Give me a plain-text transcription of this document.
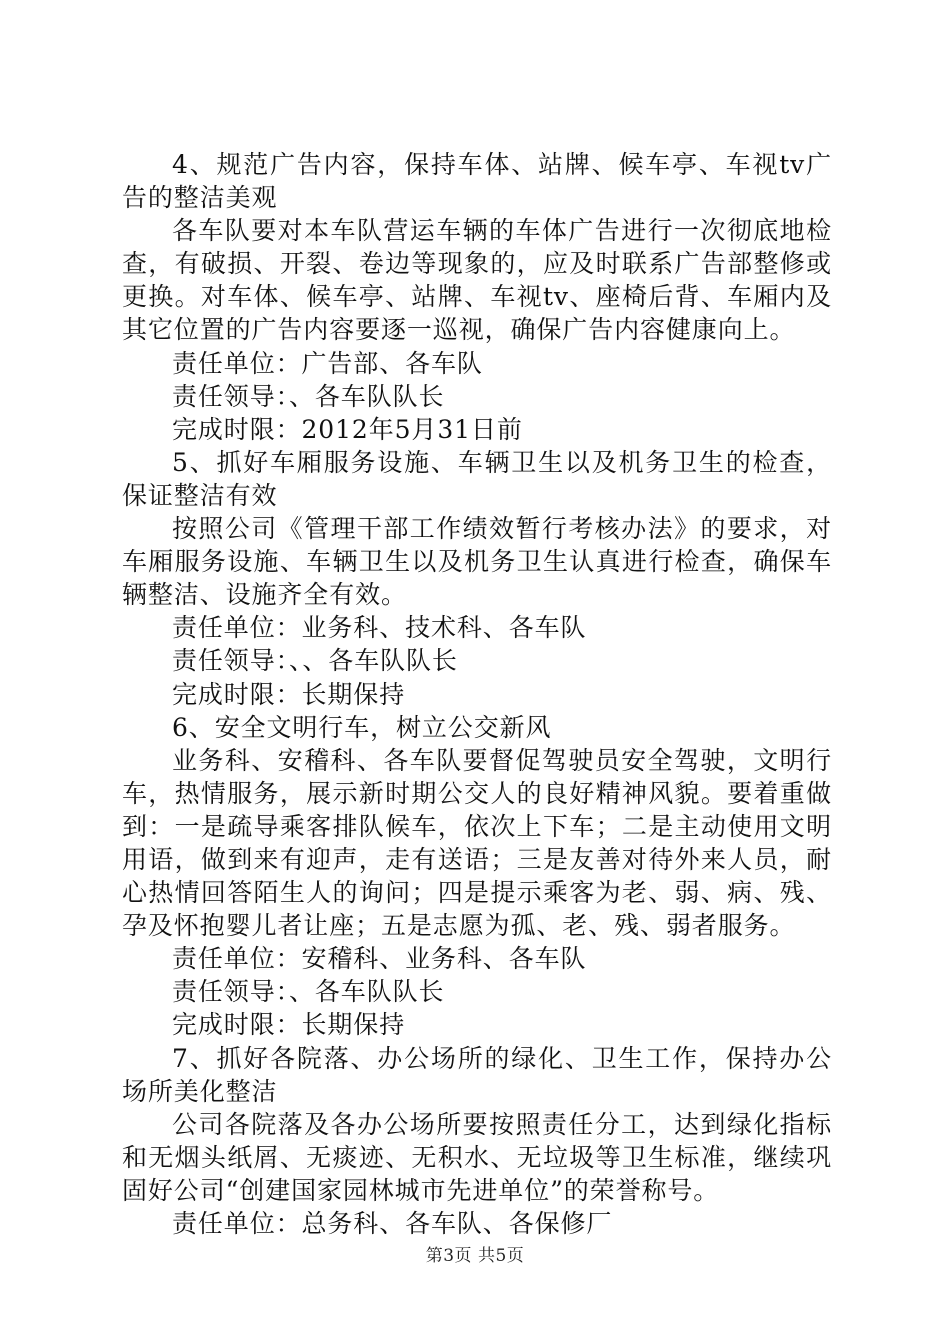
4、规范广告内容，保持车体、站牌、候车亭、车视tv广告的整洁美观

各车队要对本车队营运车辆的车体广告进行一次彻底地检查，有破损、开裂、卷边等现象的，应及时联系广告部整修或更换。对车体、候车亭、站牌、车视tv、座椅后背、车厢内及其它位置的广告内容要逐一巡视，确保广告内容健康向上。

责任单位：广告部、各车队

责任领导：、各车队队长

完成时限：2012年5月31日前

5、抓好车厢服务设施、车辆卫生以及机务卫生的检查，保证整洁有效

按照公司《管理干部工作绩效暂行考核办法》的要求，对车厢服务设施、车辆卫生以及机务卫生认真进行检查，确保车辆整洁、设施齐全有效。

责任单位：业务科、技术科、各车队

责任领导：、、各车队队长

完成时限：长期保持

6、安全文明行车，树立公交新风

业务科、安稽科、各车队要督促驾驶员安全驾驶，文明行车，热情服务，展示新时期公交人的良好精神风貌。要着重做到：一是疏导乘客排队候车，依次上下车；二是主动使用文明用语，做到来有迎声，走有送语；三是友善对待外来人员，耐心热情回答陌生人的询问；四是提示乘客为老、弱、病、残、孕及怀抱婴儿者让座；五是志愿为孤、老、残、弱者服务。

责任单位：安稽科、业务科、各车队

责任领导：、各车队队长

完成时限：长期保持

7、抓好各院落、办公场所的绿化、卫生工作，保持办公场所美化整洁

公司各院落及各办公场所要按照责任分工，达到绿化指标和无烟头纸屑、无痰迹、无积水、无垃圾等卫生标准，继续巩固好公司“创建国家园林城市先进单位”的荣誉称号。

责任单位：总务科、各车队、各保修厂

第3页 共5页
